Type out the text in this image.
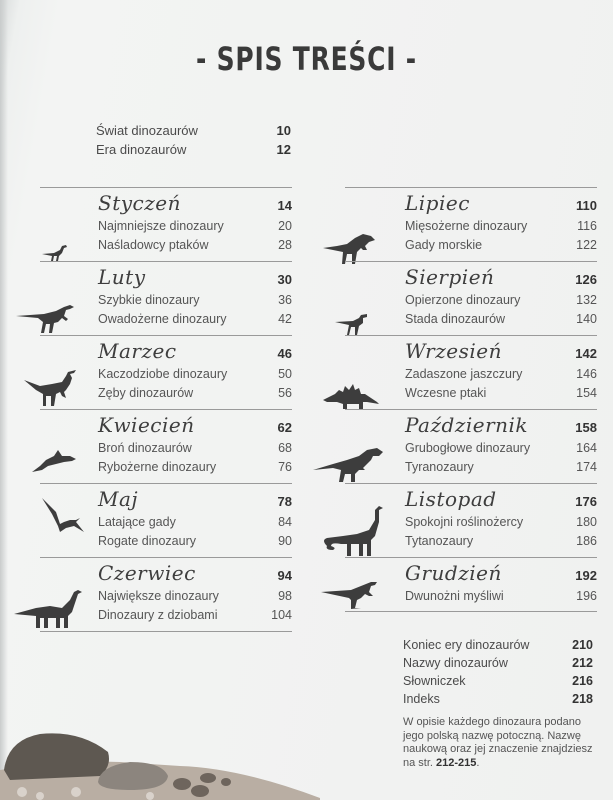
- SPIS TREŚCI -
Świat dinozaurów	10
Era dinozaurów	12
Styczeń	14
Najmniejsze dinozaury	20
Naśladowcy ptaków	28
Luty	30
Szybkie dinozaury	36
Owadożerne dinozaury	42
Marzec	46
Kaczodziobe dinozaury	50
Zęby dinozaurów	56
Kwiecień	62
Broń dinozaurów	68
Rybożerne dinozaury	76
Maj	78
Latające gady	84
Rogate dinozaury	90
Czerwiec	94
Największe dinozaury	98
Dinozaury z dziobami	104
Lipiec	110
Mięsożerne dinozaury	116
Gady morskie	122
Sierpień	126
Opierzone dinozaury	132
Stada dinozaurów	140
Wrzesień	142
Zadaszone jaszczury	146
Wczesne ptaki	154
Październik	158
Grubogłowe dinozaury	164
Tyranozaury	174
Listopad	176
Spokojni roślinożercy	180
Tytanozaury	186
Grudzień	192
Dwunożni myśliwi	196
Koniec ery dinozaurów	210
Nazwy dinozaurów	212
Słowniczek	216
Indeks	218

W opisie każdego dinozaura podano jego polską nazwę potoczną. Nazwę naukową oraz jej znaczenie znajdziesz na str. 212-215.
